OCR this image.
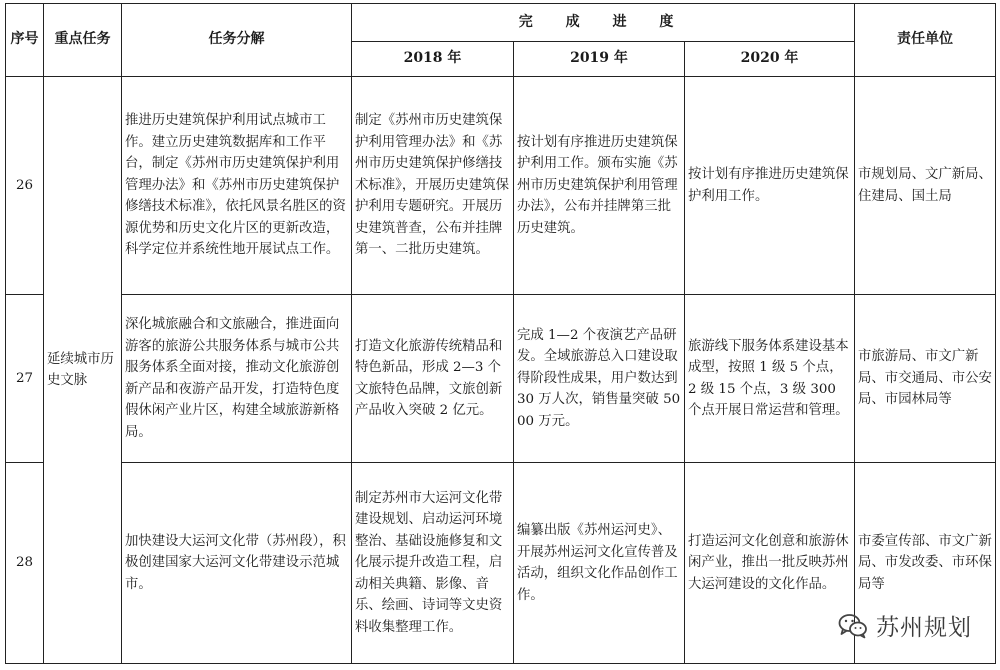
序号	重点任务	任务分解	完 成 进 度			责任单位
			2018 年	2019 年	2020 年	
26	延续城市历史文脉	推进历史建筑保护利用试点城市工作。建立历史建筑数据库和工作平台，制定《苏州市历史建筑保护利用管理办法》和《苏州市历史建筑保护修缮技术标准》，依托风景名胜区的资源优势和历史文化片区的更新改造，科学定位并系统性地开展试点工作。	制定《苏州市历史建筑保护利用管理办法》和《苏州市历史建筑保护修缮技术标准》，开展历史建筑保护利用专题研究。开展历史建筑普查，公布并挂牌第一、二批历史建筑。	按计划有序推进历史建筑保护利用工作。颁布实施《苏州市历史建筑保护利用管理办法》，公布并挂牌第三批历史建筑。	按计划有序推进历史建筑保护利用工作。	市规划局、文广新局、住建局、国土局
27		深化城旅融合和文旅融合，推进面向游客的旅游公共服务体系与城市公共服务体系全面对接，推动文化旅游创新产品和夜游产品开发，打造特色度假休闲产业片区，构建全域旅游新格局。	打造文化旅游传统精品和特色新品，形成 2—3 个文旅特色品牌，文旅创新产品收入突破 2 亿元。	完成 1—2 个夜演艺产品研发。全域旅游总入口建设取得阶段性成果，用户数达到 30 万人次，销售量突破 5000 万元。	旅游线下服务体系建设基本成型，按照 1 级 5 个点，2 级 15 个点，3 级 300 个点开展日常运营和管理。	市旅游局、市文广新局、市交通局、市公安局、市园林局等
28		加快建设大运河文化带（苏州段），积极创建国家大运河文化带建设示范城市。	制定苏州市大运河文化带建设规划、启动运河环境整治、基础设施修复和文化展示提升改造工程，启动相关典籍、影像、音乐、绘画、诗词等文史资料收集整理工作。	编纂出版《苏州运河史》、开展苏州运河文化宣传普及活动，组织文化作品创作工作。	打造运河文化创意和旅游休闲产业，推出一批反映苏州大运河建设的文化作品。	市委宣传部、市文广新局、市发改委、市环保局等
苏州规划
